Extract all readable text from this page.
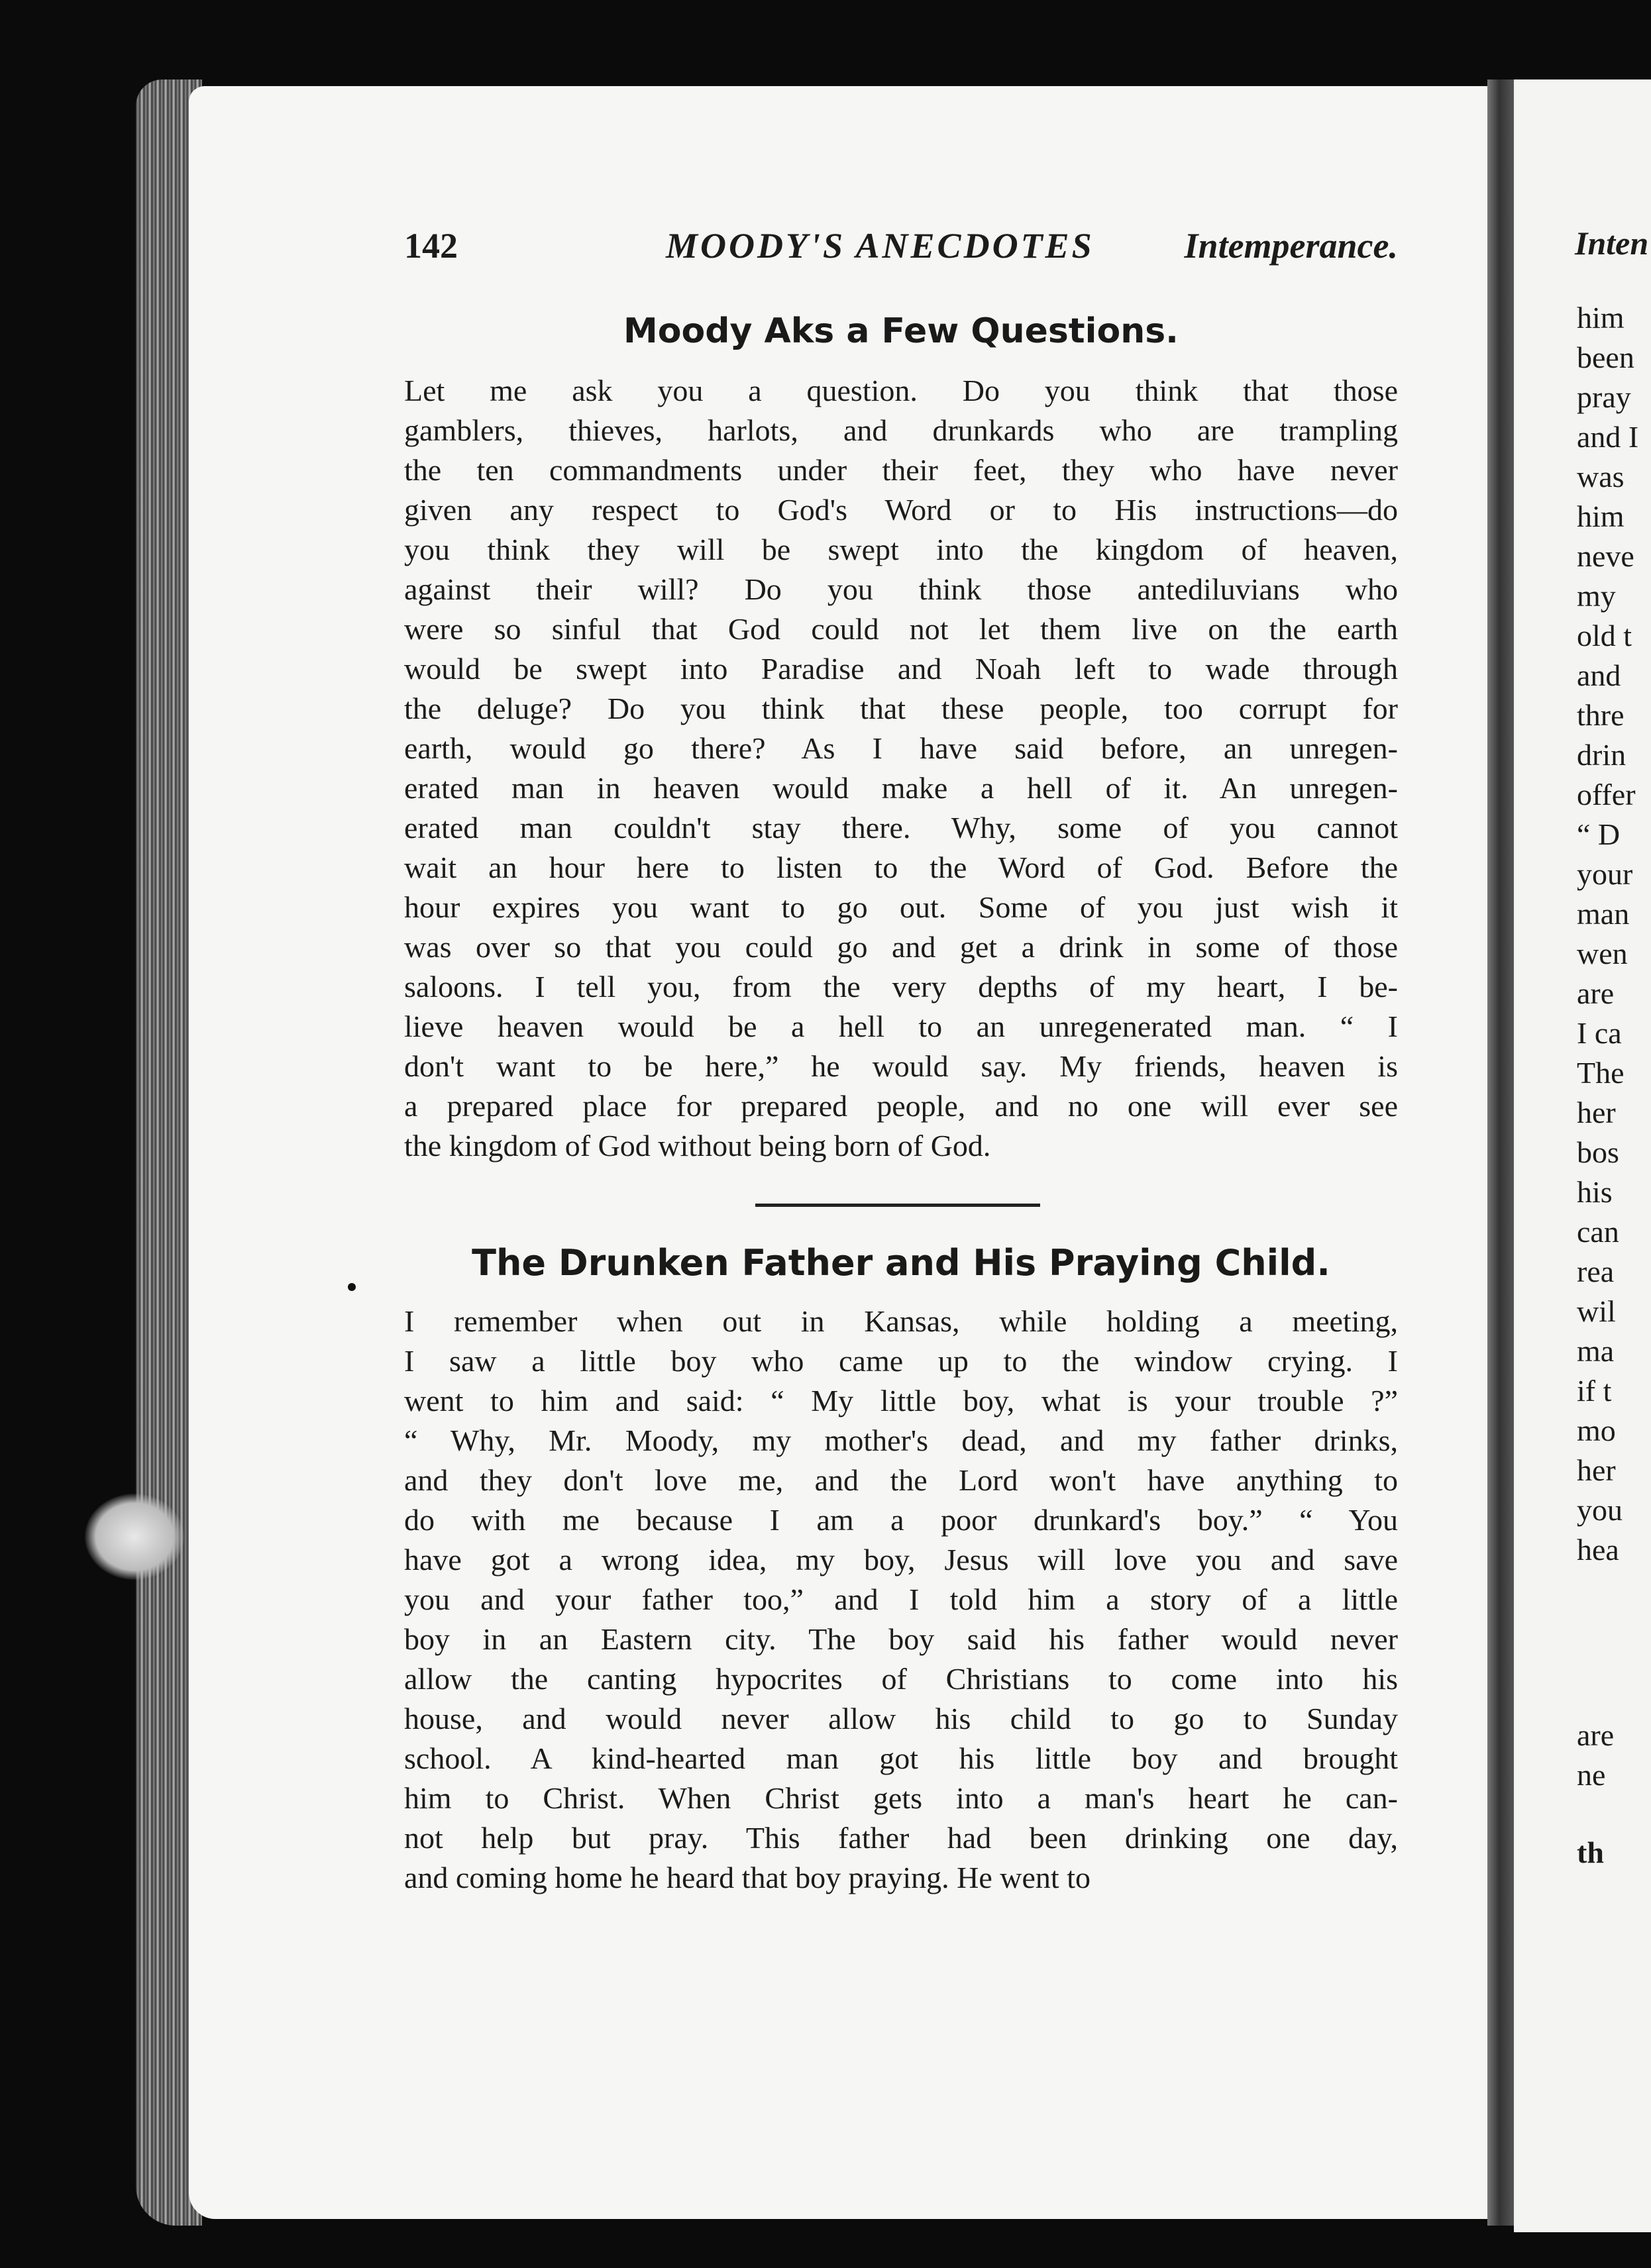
142	MOODY'S ANECDOTES	Intemperance.
Moody Aks a Few Questions.
Let me ask you a question. Do you think that those
gamblers, thieves, harlots, and drunkards who are trampling
the ten commandments under their feet, they who have never
given any respect to God's Word or to His instructions—do
you think they will be swept into the kingdom of heaven,
against their will? Do you think those antediluvians who
were so sinful that God could not let them live on the earth
would be swept into Paradise and Noah left to wade through
the deluge? Do you think that these people, too corrupt for
earth, would go there? As I have said before, an unregen-
erated man in heaven would make a hell of it. An unregen-
erated man couldn't stay there. Why, some of you cannot
wait an hour here to listen to the Word of God. Before the
hour expires you want to go out. Some of you just wish it
was over so that you could go and get a drink in some of those
saloons. I tell you, from the very depths of my heart, I be-
lieve heaven would be a hell to an unregenerated man. “ I
don't want to be here,” he would say. My friends, heaven is
a prepared place for prepared people, and no one will ever see
the kingdom of God without being born of God.
The Drunken Father and His Praying Child.
I remember when out in Kansas, while holding a meeting,
I saw a little boy who came up to the window crying. I
went to him and said: “ My little boy, what is your trouble ?”
“ Why, Mr. Moody, my mother's dead, and my father drinks,
and they don't love me, and the Lord won't have anything to
do with me because I am a poor drunkard's boy.” “ You
have got a wrong idea, my boy, Jesus will love you and save
you and your father too,” and I told him a story of a little
boy in an Eastern city. The boy said his father would never
allow the canting hypocrites of Christians to come into his
house, and would never allow his child to go to Sunday
school. A kind-hearted man got his little boy and brought
him to Christ. When Christ gets into a man's heart he can-
not help but pray. This father had been drinking one day,
and coming home he heard that boy praying. He went to
Inten
him
been
pray
and I
was
him
neve
my
old t
and
thre
drin
offer
“ D
your
man
wen
are
I ca
The
her
bos
his
can
rea
wil
ma
if t
mo
her
you
hea
are
ne
th
